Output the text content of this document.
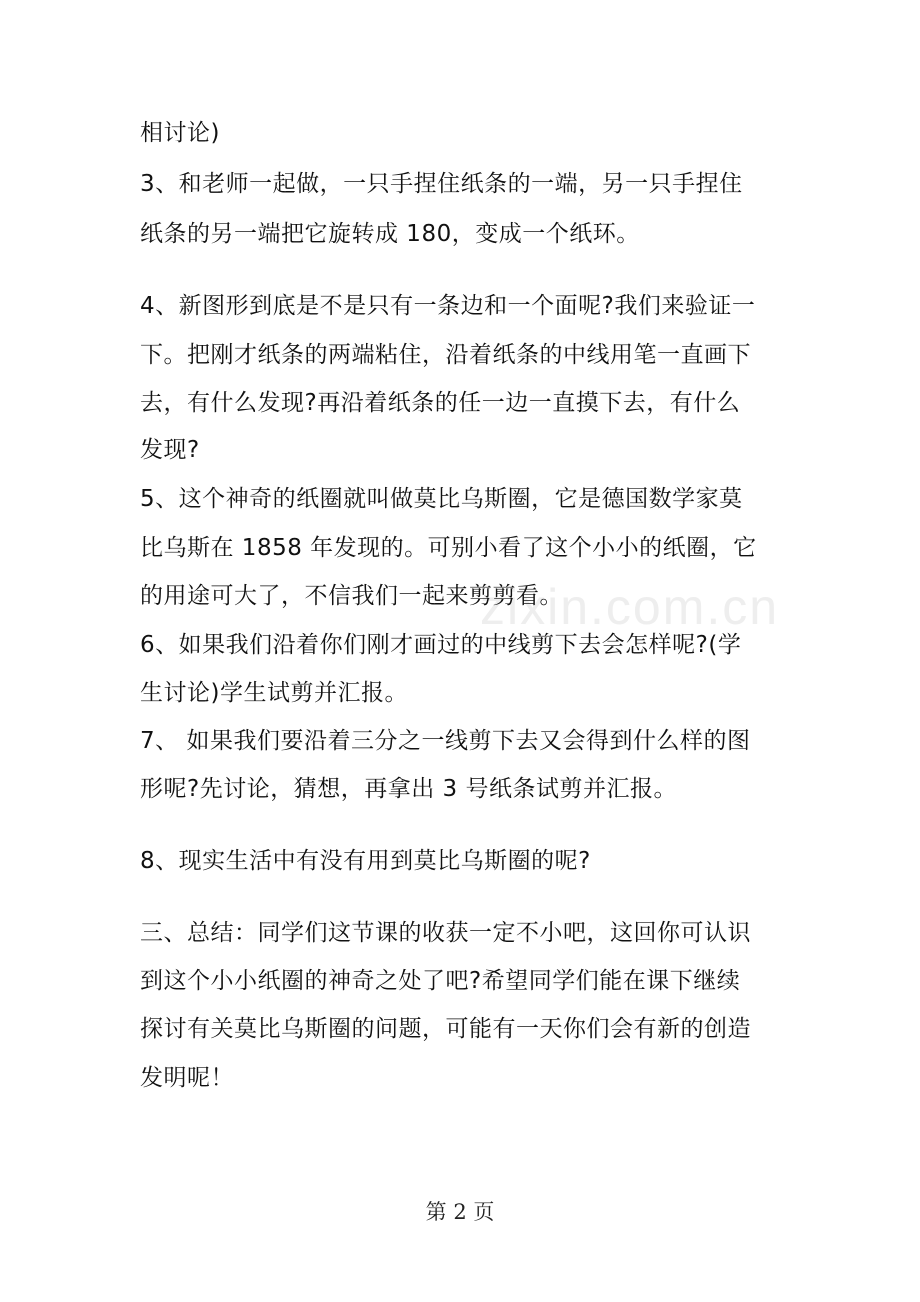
zixin.com.cn
相讨论)
3、和老师一起做，一只手捏住纸条的一端，另一只手捏住
纸条的另一端把它旋转成 180，变成一个纸环。
4、新图形到底是不是只有一条边和一个面呢?我们来验证一
下。把刚才纸条的两端粘住，沿着纸条的中线用笔一直画下
去，有什么发现?再沿着纸条的任一边一直摸下去，有什么
发现?
5、这个神奇的纸圈就叫做莫比乌斯圈，它是德国数学家莫
比乌斯在 1858 年发现的。可别小看了这个小小的纸圈，它
的用途可大了，不信我们一起来剪剪看。
6、如果我们沿着你们刚才画过的中线剪下去会怎样呢?(学
生讨论)学生试剪并汇报。
7、 如果我们要沿着三分之一线剪下去又会得到什么样的图
形呢?先讨论，猜想，再拿出 3 号纸条试剪并汇报。
8、现实生活中有没有用到莫比乌斯圈的呢?
三、总结：同学们这节课的收获一定不小吧，这回你可认识
到这个小小纸圈的神奇之处了吧?希望同学们能在课下继续
探讨有关莫比乌斯圈的问题，可能有一天你们会有新的创造
发明呢！
第 2 页
